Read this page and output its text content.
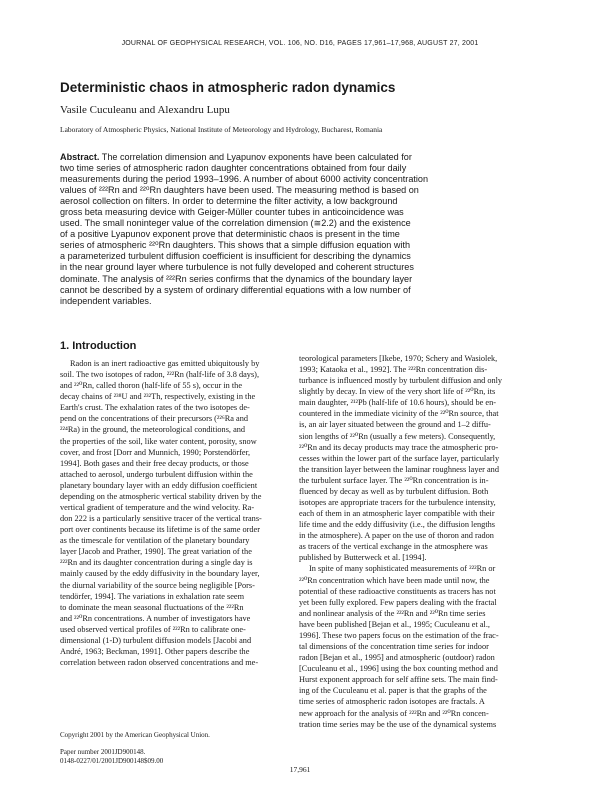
JOURNAL OF GEOPHYSICAL RESEARCH, VOL. 106, NO. D16, PAGES 17,961–17,968, AUGUST 27, 2001
Deterministic chaos in atmospheric radon dynamics
Vasile Cuculeanu and Alexandru Lupu
Laboratory of Atmospheric Physics, National Institute of Meteorology and Hydrology, Bucharest, Romania
Abstract. The correlation dimension and Lyapunov exponents have been calculated for
two time series of atmospheric radon daughter concentrations obtained from four daily
measurements during the period 1993–1996. A number of about 6000 activity concentration
values of ²²²Rn and ²²⁰Rn daughters have been used. The measuring method is based on
aerosol collection on filters. In order to determine the filter activity, a low background
gross beta measuring device with Geiger-Müller counter tubes in anticoincidence was
used. The small noninteger value of the correlation dimension (≅2.2) and the existence
of a positive Lyapunov exponent prove that deterministic chaos is present in the time
series of atmospheric ²²⁰Rn daughters. This shows that a simple diffusion equation with
a parameterized turbulent diffusion coefficient is insufficient for describing the dynamics
in the near ground layer where turbulence is not fully developed and coherent structures
dominate. The analysis of ²²²Rn series confirms that the dynamics of the boundary layer
cannot be described by a system of ordinary differential equations with a low number of
independent variables.
1. Introduction
Radon is an inert radioactive gas emitted ubiquitously by
soil. The two isotopes of radon, ²²²Rn (half-life of 3.8 days),
and ²²⁰Rn, called thoron (half-life of 55 s), occur in the
decay chains of ²³⁸U and ²³²Th, respectively, existing in the
Earth's crust. The exhalation rates of the two isotopes de-
pend on the concentrations of their precursors (²²⁶Ra and
²²⁴Ra) in the ground, the meteorological conditions, and
the properties of the soil, like water content, porosity, snow
cover, and frost [Dorr and Munnich, 1990; Porstendörfer,
1994]. Both gases and their free decay products, or those
attached to aerosol, undergo turbulent diffusion within the
planetary boundary layer with an eddy diffusion coefficient
depending on the atmospheric vertical stability driven by the
vertical gradient of temperature and the wind velocity. Ra-
don 222 is a particularly sensitive tracer of the vertical trans-
port over continents because its lifetime is of the same order
as the timescale for ventilation of the planetary boundary
layer [Jacob and Prather, 1990]. The great variation of the
²²²Rn and its daughter concentration during a single day is
mainly caused by the eddy diffusivity in the boundary layer,
the diurnal variability of the source being negligible [Pors-
tendörfer, 1994]. The variations in exhalation rate seem
to dominate the mean seasonal fluctuations of the ²²²Rn
and ²²⁰Rn concentrations. A number of investigators have
used observed vertical profiles of ²²²Rn to calibrate one-
dimensional (1-D) turbulent diffusion models [Jacobi and
André, 1963; Beckman, 1991]. Other papers describe the
correlation between radon observed concentrations and me-
teorological parameters [Ikebe, 1970; Schery and Wasiolek,
1993; Kataoka et al., 1992]. The ²²²Rn concentration dis-
turbance is influenced mostly by turbulent diffusion and only
slightly by decay. In view of the very short life of ²²⁰Rn, its
main daughter, ²¹²Pb (half-life of 10.6 hours), should be en-
countered in the immediate vicinity of the ²²⁰Rn source, that
is, an air layer situated between the ground and 1–2 diffu-
sion lengths of ²²⁰Rn (usually a few meters). Consequently,
²²⁰Rn and its decay products may trace the atmospheric pro-
cesses within the lower part of the surface layer, particularly
the transition layer between the laminar roughness layer and
the turbulent surface layer. The ²²⁰Rn concentration is in-
fluenced by decay as well as by turbulent diffusion. Both
isotopes are appropriate tracers for the turbulence intensity,
each of them in an atmospheric layer compatible with their
life time and the eddy diffusivity (i.e., the diffusion lengths
in the atmosphere). A paper on the use of thoron and radon
as tracers of the vertical exchange in the atmosphere was
published by Butterweck et al. [1994].
In spite of many sophisticated measurements of ²²²Rn or
²²⁰Rn concentration which have been made until now, the
potential of these radioactive constituents as tracers has not
yet been fully explored. Few papers dealing with the fractal
and nonlinear analysis of the ²²²Rn and ²²⁰Rn time series
have been published [Bejan et al., 1995; Cuculeanu et al.,
1996]. These two papers focus on the estimation of the frac-
tal dimensions of the concentration time series for indoor
radon [Bejan et al., 1995] and atmospheric (outdoor) radon
[Cuculeanu et al., 1996] using the box counting method and
Hurst exponent approach for self affine sets. The main find-
ing of the Cuculeanu et al. paper is that the graphs of the
time series of atmospheric radon isotopes are fractals. A
new approach for the analysis of ²²²Rn and ²²⁰Rn concen-
tration time series may be the use of the dynamical systems
Copyright 2001 by the American Geophysical Union.
Paper number 2001JD900148.
0148-0227/01/2001JD900148$09.00
17,961
